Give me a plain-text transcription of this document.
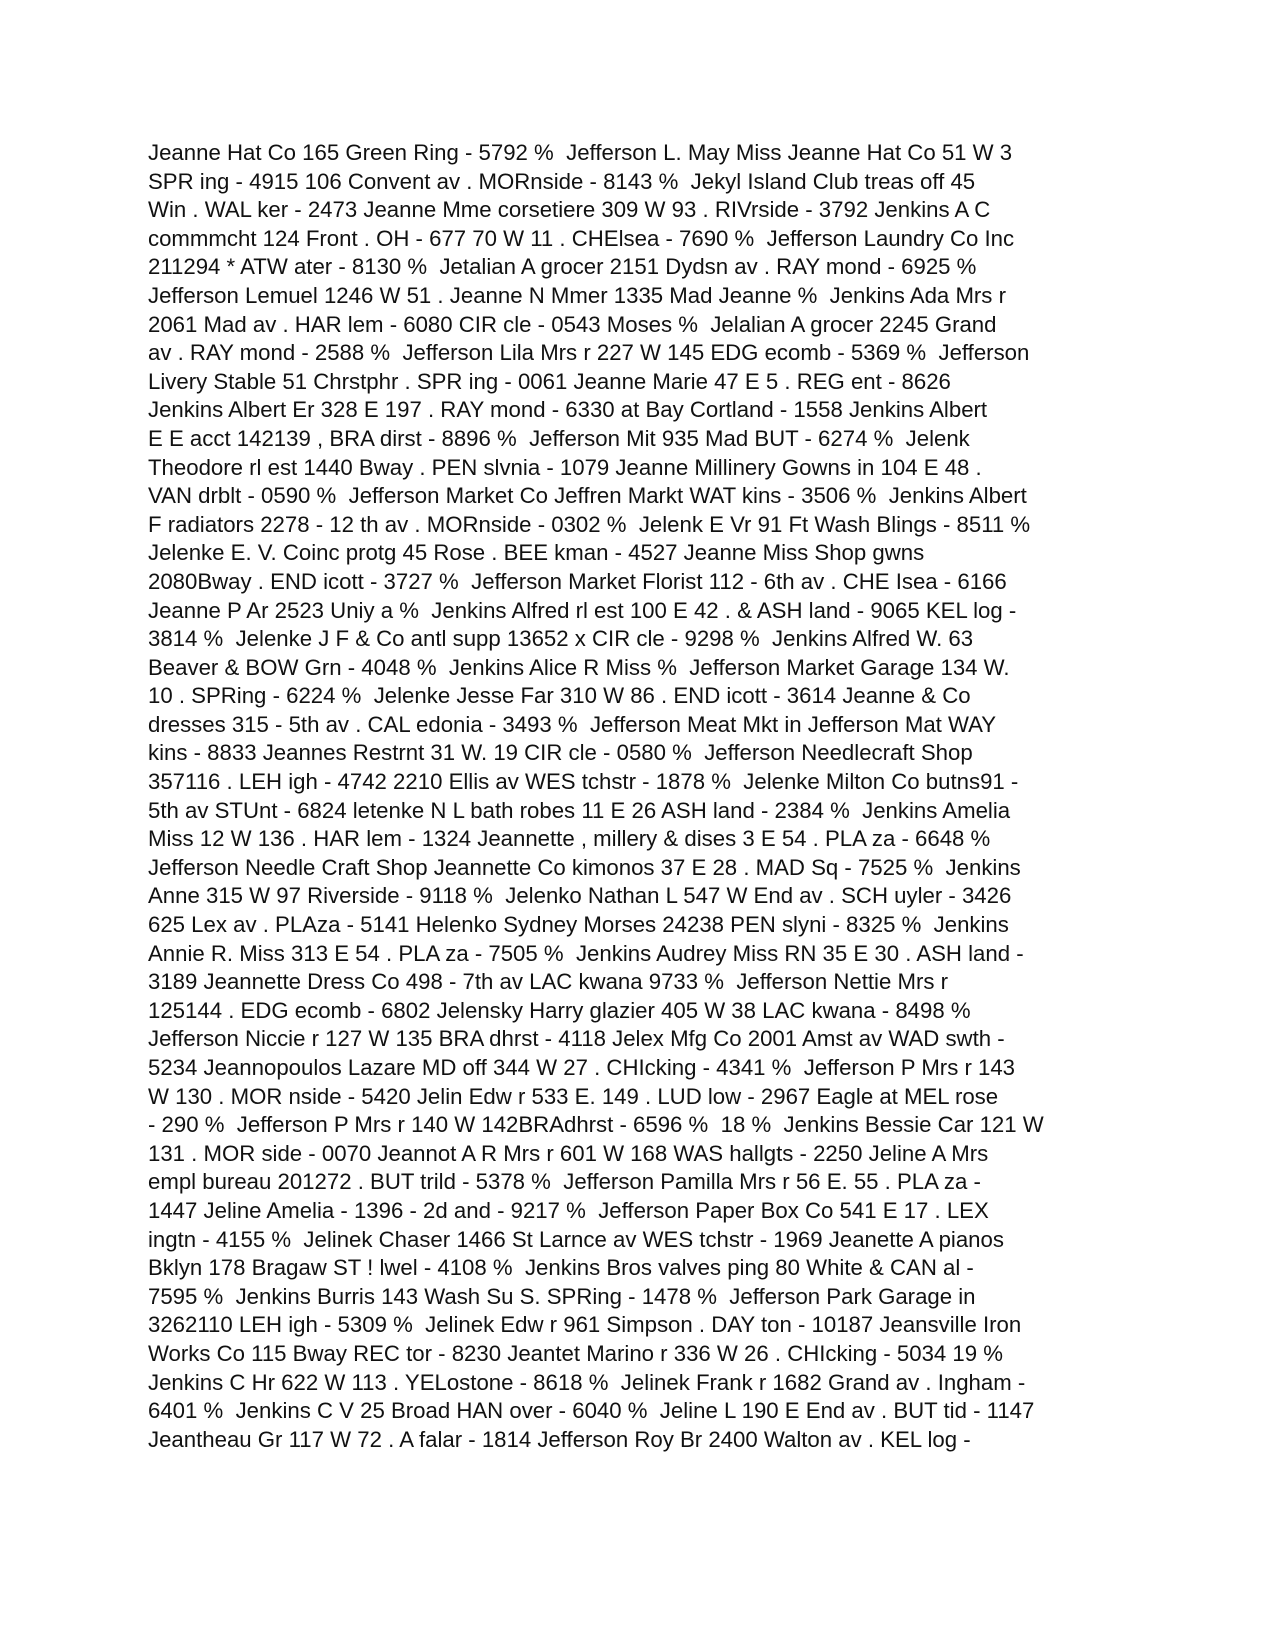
Jeanne Hat Co 165 Green Ring - 5792 %  Jefferson L. May Miss Jeanne Hat Co 51 W 3
SPR ing - 4915 106 Convent av . MORnside - 8143 %  Jekyl Island Club treas off 45
Win . WAL ker - 2473 Jeanne Mme corsetiere 309 W 93 . RIVrside - 3792 Jenkins A C
commmcht 124 Front . OH - 677 70 W 11 . CHElsea - 7690 %  Jefferson Laundry Co Inc
211294 * ATW ater - 8130 %  Jetalian A grocer 2151 Dydsn av . RAY mond - 6925 %
Jefferson Lemuel 1246 W 51 . Jeanne N Mmer 1335 Mad Jeanne %  Jenkins Ada Mrs r
2061 Mad av . HAR lem - 6080 CIR cle - 0543 Moses %  Jelalian A grocer 2245 Grand
av . RAY mond - 2588 %  Jefferson Lila Mrs r 227 W 145 EDG ecomb - 5369 %  Jefferson
Livery Stable 51 Chrstphr . SPR ing - 0061 Jeanne Marie 47 E 5 . REG ent - 8626
Jenkins Albert Er 328 E 197 . RAY mond - 6330 at Bay Cortland - 1558 Jenkins Albert
E E acct 142139 , BRA dirst - 8896 %  Jefferson Mit 935 Mad BUT - 6274 %  Jelenk
Theodore rl est 1440 Bway . PEN slvnia - 1079 Jeanne Millinery Gowns in 104 E 48 .
VAN drblt - 0590 %  Jefferson Market Co Jeffren Markt WAT kins - 3506 %  Jenkins Albert
F radiators 2278 - 12 th av . MORnside - 0302 %  Jelenk E Vr 91 Ft Wash Blings - 8511 %
Jelenke E. V. Coinc protg 45 Rose . BEE kman - 4527 Jeanne Miss Shop gwns
2080Bway . END icott - 3727 %  Jefferson Market Florist 112 - 6th av . CHE Isea - 6166
Jeanne P Ar 2523 Uniy a %  Jenkins Alfred rl est 100 E 42 . & ASH land - 9065 KEL log -
3814 %  Jelenke J F & Co antl supp 13652 x CIR cle - 9298 %  Jenkins Alfred W. 63
Beaver & BOW Grn - 4048 %  Jenkins Alice R Miss %  Jefferson Market Garage 134 W.
10 . SPRing - 6224 %  Jelenke Jesse Far 310 W 86 . END icott - 3614 Jeanne & Co
dresses 315 - 5th av . CAL edonia - 3493 %  Jefferson Meat Mkt in Jefferson Mat WAY
kins - 8833 Jeannes Restrnt 31 W. 19 CIR cle - 0580 %  Jefferson Needlecraft Shop
357116 . LEH igh - 4742 2210 Ellis av WES tchstr - 1878 %  Jelenke Milton Co butns91 -
5th av STUnt - 6824 letenke N L bath robes 11 E 26 ASH land - 2384 %  Jenkins Amelia
Miss 12 W 136 . HAR lem - 1324 Jeannette , millery & dises 3 E 54 . PLA za - 6648 %
Jefferson Needle Craft Shop Jeannette Co kimonos 37 E 28 . MAD Sq - 7525 %  Jenkins
Anne 315 W 97 Riverside - 9118 %  Jelenko Nathan L 547 W End av . SCH uyler - 3426
625 Lex av . PLAza - 5141 Helenko Sydney Morses 24238 PEN slyni - 8325 %  Jenkins
Annie R. Miss 313 E 54 . PLA za - 7505 %  Jenkins Audrey Miss RN 35 E 30 . ASH land -
3189 Jeannette Dress Co 498 - 7th av LAC kwana 9733 %  Jefferson Nettie Mrs r
125144 . EDG ecomb - 6802 Jelensky Harry glazier 405 W 38 LAC kwana - 8498 %
Jefferson Niccie r 127 W 135 BRA dhrst - 4118 Jelex Mfg Co 2001 Amst av WAD swth -
5234 Jeannopoulos Lazare MD off 344 W 27 . CHIcking - 4341 %  Jefferson P Mrs r 143
W 130 . MOR nside - 5420 Jelin Edw r 533 E. 149 . LUD low - 2967 Eagle at MEL rose
- 290 %  Jefferson P Mrs r 140 W 142BRAdhrst - 6596 %  18 %  Jenkins Bessie Car 121 W
131 . MOR side - 0070 Jeannot A R Mrs r 601 W 168 WAS hallgts - 2250 Jeline A Mrs
empl bureau 201272 . BUT trild - 5378 %  Jefferson Pamilla Mrs r 56 E. 55 . PLA za -
1447 Jeline Amelia - 1396 - 2d and - 9217 %  Jefferson Paper Box Co 541 E 17 . LEX
ingtn - 4155 %  Jelinek Chaser 1466 St Larnce av WES tchstr - 1969 Jeanette A pianos
Bklyn 178 Bragaw ST ! lwel - 4108 %  Jenkins Bros valves ping 80 White & CAN al -
7595 %  Jenkins Burris 143 Wash Su S. SPRing - 1478 %  Jefferson Park Garage in
3262110 LEH igh - 5309 %  Jelinek Edw r 961 Simpson . DAY ton - 10187 Jeansville Iron
Works Co 115 Bway REC tor - 8230 Jeantet Marino r 336 W 26 . CHIcking - 5034 19 %
Jenkins C Hr 622 W 113 . YELostone - 8618 %  Jelinek Frank r 1682 Grand av . Ingham -
6401 %  Jenkins C V 25 Broad HAN over - 6040 %  Jeline L 190 E End av . BUT tid - 1147
Jeantheau Gr 117 W 72 . A falar - 1814 Jefferson Roy Br 2400 Walton av . KEL log -
